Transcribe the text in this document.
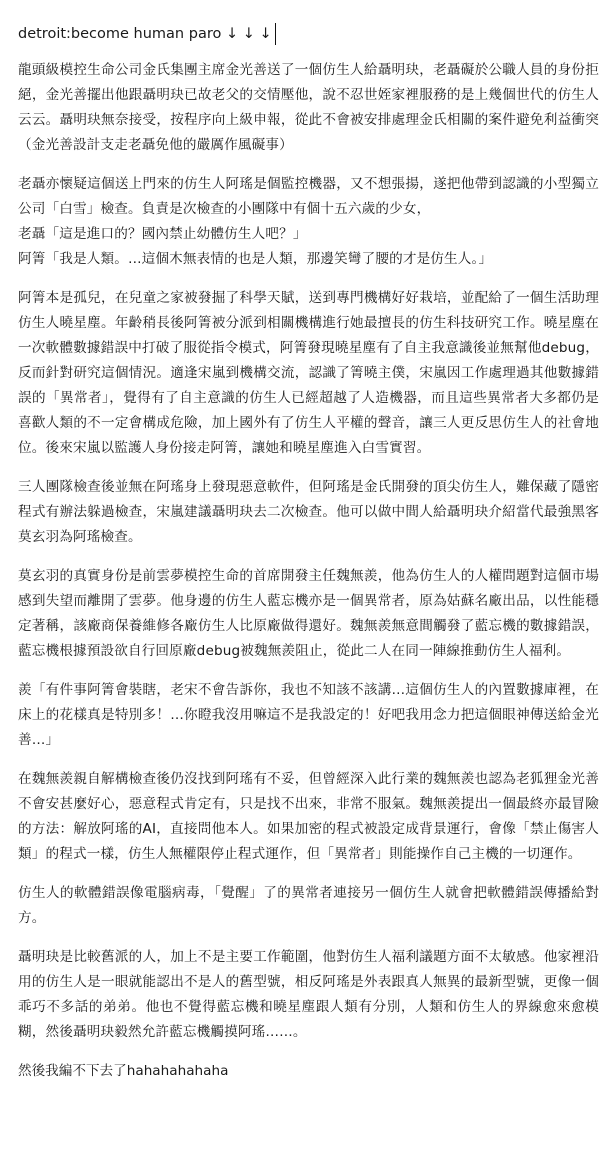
detroit:become human paro ↓ ↓ ↓

龍頭級模控生命公司金氏集團主席金光善送了一個仿生人給聶明玦，老聶礙於公職人員的身份拒絕，金光善擺出他跟聶明玦已故老父的交情壓他，說不忍世姪家裡服務的是上幾個世代的仿生人云云。聶明玦無奈接受，按程序向上級申報，從此不會被安排處理金氏相關的案件避免利益衝突（金光善設計支走老聶免他的嚴厲作風礙事）

老聶亦懷疑這個送上門來的仿生人阿瑤是個監控機器，又不想張揚，遂把他帶到認識的小型獨立公司「白雪」檢查。負責是次檢查的小團隊中有個十五六歲的少女，
老聶「這是進口的？國內禁止幼體仿生人吧？」
阿箐「我是人類。…這個木無表情的也是人類，那邊笑彎了腰的才是仿生人。」

阿箐本是孤兒，在兒童之家被發掘了科學天賦，送到專門機構好好栽培，並配給了一個生活助理仿生人曉星塵。年齡稍長後阿箐被分派到相關機構進行她最擅長的仿生科技研究工作。曉星塵在一次軟體數據錯誤中打破了服從指令模式，阿箐發現曉星塵有了自主我意識後並無幫他debug，反而針對研究這個情況。適逢宋嵐到機構交流，認識了箐曉主僕，宋嵐因工作處理過其他數據錯誤的「異常者」，覺得有了自主意識的仿生人已經超越了人造機器，而且這些異常者大多都仍是喜歡人類的不一定會構成危險，加上國外有了仿生人平權的聲音，讓三人更反思仿生人的社會地位。後來宋嵐以監護人身份接走阿箐，讓她和曉星塵進入白雪實習。

三人團隊檢查後並無在阿瑤身上發現惡意軟件，但阿瑤是金氏開發的頂尖仿生人，難保藏了隱密程式有辦法躲過檢查，宋嵐建議聶明玦去二次檢查。他可以做中間人給聶明玦介紹當代最強黑客莫玄羽為阿瑤檢查。

莫玄羽的真實身份是前雲夢模控生命的首席開發主任魏無羨，他為仿生人的人權問題對這個市場感到失望而離開了雲夢。他身邊的仿生人藍忘機亦是一個異常者，原為姑蘇名廠出品，以性能穩定著稱，該廠商保養維修各廠仿生人比原廠做得還好。魏無羨無意間觸發了藍忘機的數據錯誤，藍忘機根據預設欲自行回原廠debug被魏無羨阻止，從此二人在同一陣線推動仿生人福利。

羨「有件事阿箐會裝瞎，老宋不會告訴你，我也不知該不該講…這個仿生人的內置數據庫裡，在床上的花樣真是特別多！…你瞪我沒用嘛這不是我設定的！好吧我用念力把這個眼神傳送給金光善…」

在魏無羨親自解構檢查後仍沒找到阿瑤有不妥，但曾經深入此行業的魏無羨也認為老狐狸金光善不會安甚麼好心，惡意程式肯定有，只是找不出來，非常不服氣。魏無羨提出一個最終亦最冒險的方法：解放阿瑤的AI，直接問他本人。如果加密的程式被設定成背景運行，會像「禁止傷害人類」的程式一樣，仿生人無權限停止程式運作，但「異常者」則能操作自己主機的一切運作。

仿生人的軟體錯誤像電腦病毒，「覺醒」了的異常者連接另一個仿生人就會把軟體錯誤傳播給對方。

聶明玦是比較舊派的人，加上不是主要工作範圍，他對仿生人福利議題方面不太敏感。他家裡沿用的仿生人是一眼就能認出不是人的舊型號，相反阿瑤是外表跟真人無異的最新型號，更像一個乖巧不多話的弟弟。他也不覺得藍忘機和曉星塵跟人類有分別，人類和仿生人的界線愈來愈模糊，然後聶明玦毅然允許藍忘機觸摸阿瑤……。

然後我編不下去了hahahahahaha
